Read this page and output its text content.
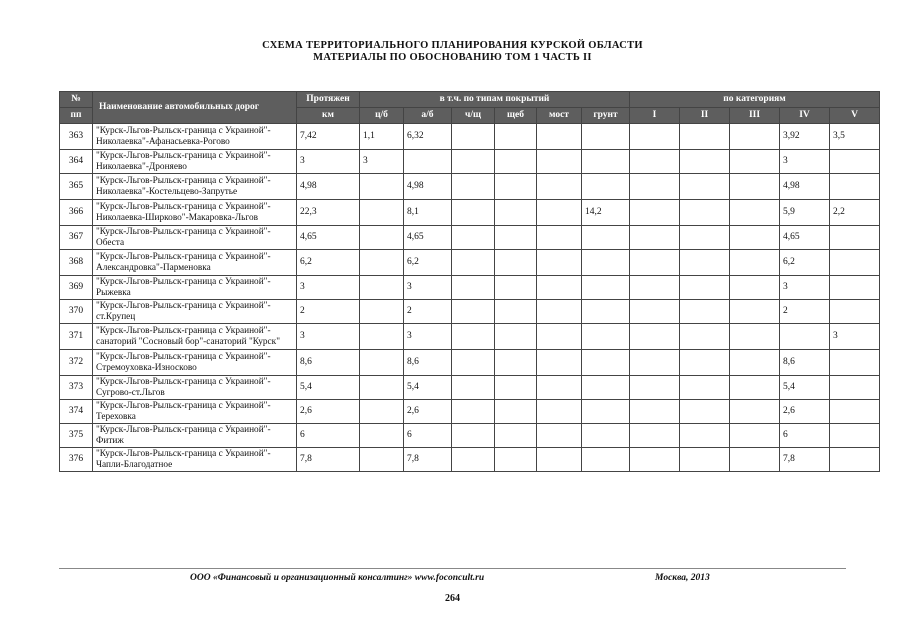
СХЕМА ТЕРРИТОРИАЛЬНОГО ПЛАНИРОВАНИЯ КУРСКОЙ ОБЛАСТИ
МАТЕРИАЛЫ ПО ОБОСНОВАНИЮ ТОМ 1 ЧАСТЬ II
№	Наименование автомобильных дорог	Протяжен	в т.ч. по типам покрытий						по категориям				
пп		км	ц/б	а/б	ч/щ	щеб	мост	грунт	I	II	III	IV	V
363	"Курск-Льгов-Рыльск-граница с Украиной"-Николаевка"-Афанасьевка-Рогово	7,42	1,1	6,32								3,92	3,5
364	"Курск-Льгов-Рыльск-граница с Украиной"-Николаевка"-Дроняево	3	3									3	
365	"Курск-Льгов-Рыльск-граница с Украиной"-Николаевка"-Костельцево-Запрутье	4,98		4,98								4,98	
366	"Курск-Льгов-Рыльск-граница с Украиной"-Николаевка-Ширково"-Макаровка-Льгов	22,3		8,1				14,2				5,9	2,2
367	"Курск-Льгов-Рыльск-граница с Украиной"-Обеста	4,65		4,65								4,65	
368	"Курск-Льгов-Рыльск-граница с Украиной"-Александровка"-Парменовка	6,2		6,2								6,2	
369	"Курск-Льгов-Рыльск-граница с Украиной"-Рыжевка	3		3								3	
370	"Курск-Льгов-Рыльск-граница с Украиной"-ст.Крупец	2		2								2	
371	"Курск-Льгов-Рыльск-граница с Украиной"-санаторий "Сосновый бор"-санаторий "Курск"	3		3									3
372	"Курск-Льгов-Рыльск-граница с Украиной"-Стремоуховка-Износково	8,6		8,6								8,6	
373	"Курск-Льгов-Рыльск-граница с Украиной"-Сугрово-ст.Льгов	5,4		5,4								5,4	
374	"Курск-Льгов-Рыльск-граница с Украиной"-Тереховка	2,6		2,6								2,6	
375	"Курск-Льгов-Рыльск-граница с Украиной"-Фитиж	6		6								6	
376	"Курск-Льгов-Рыльск-граница с Украиной"-Чапли-Благодатное	7,8		7,8								7,8	
ООО «Финансовый и организационный консалтинг» www.foconcult.ru	Москва, 2013
264
